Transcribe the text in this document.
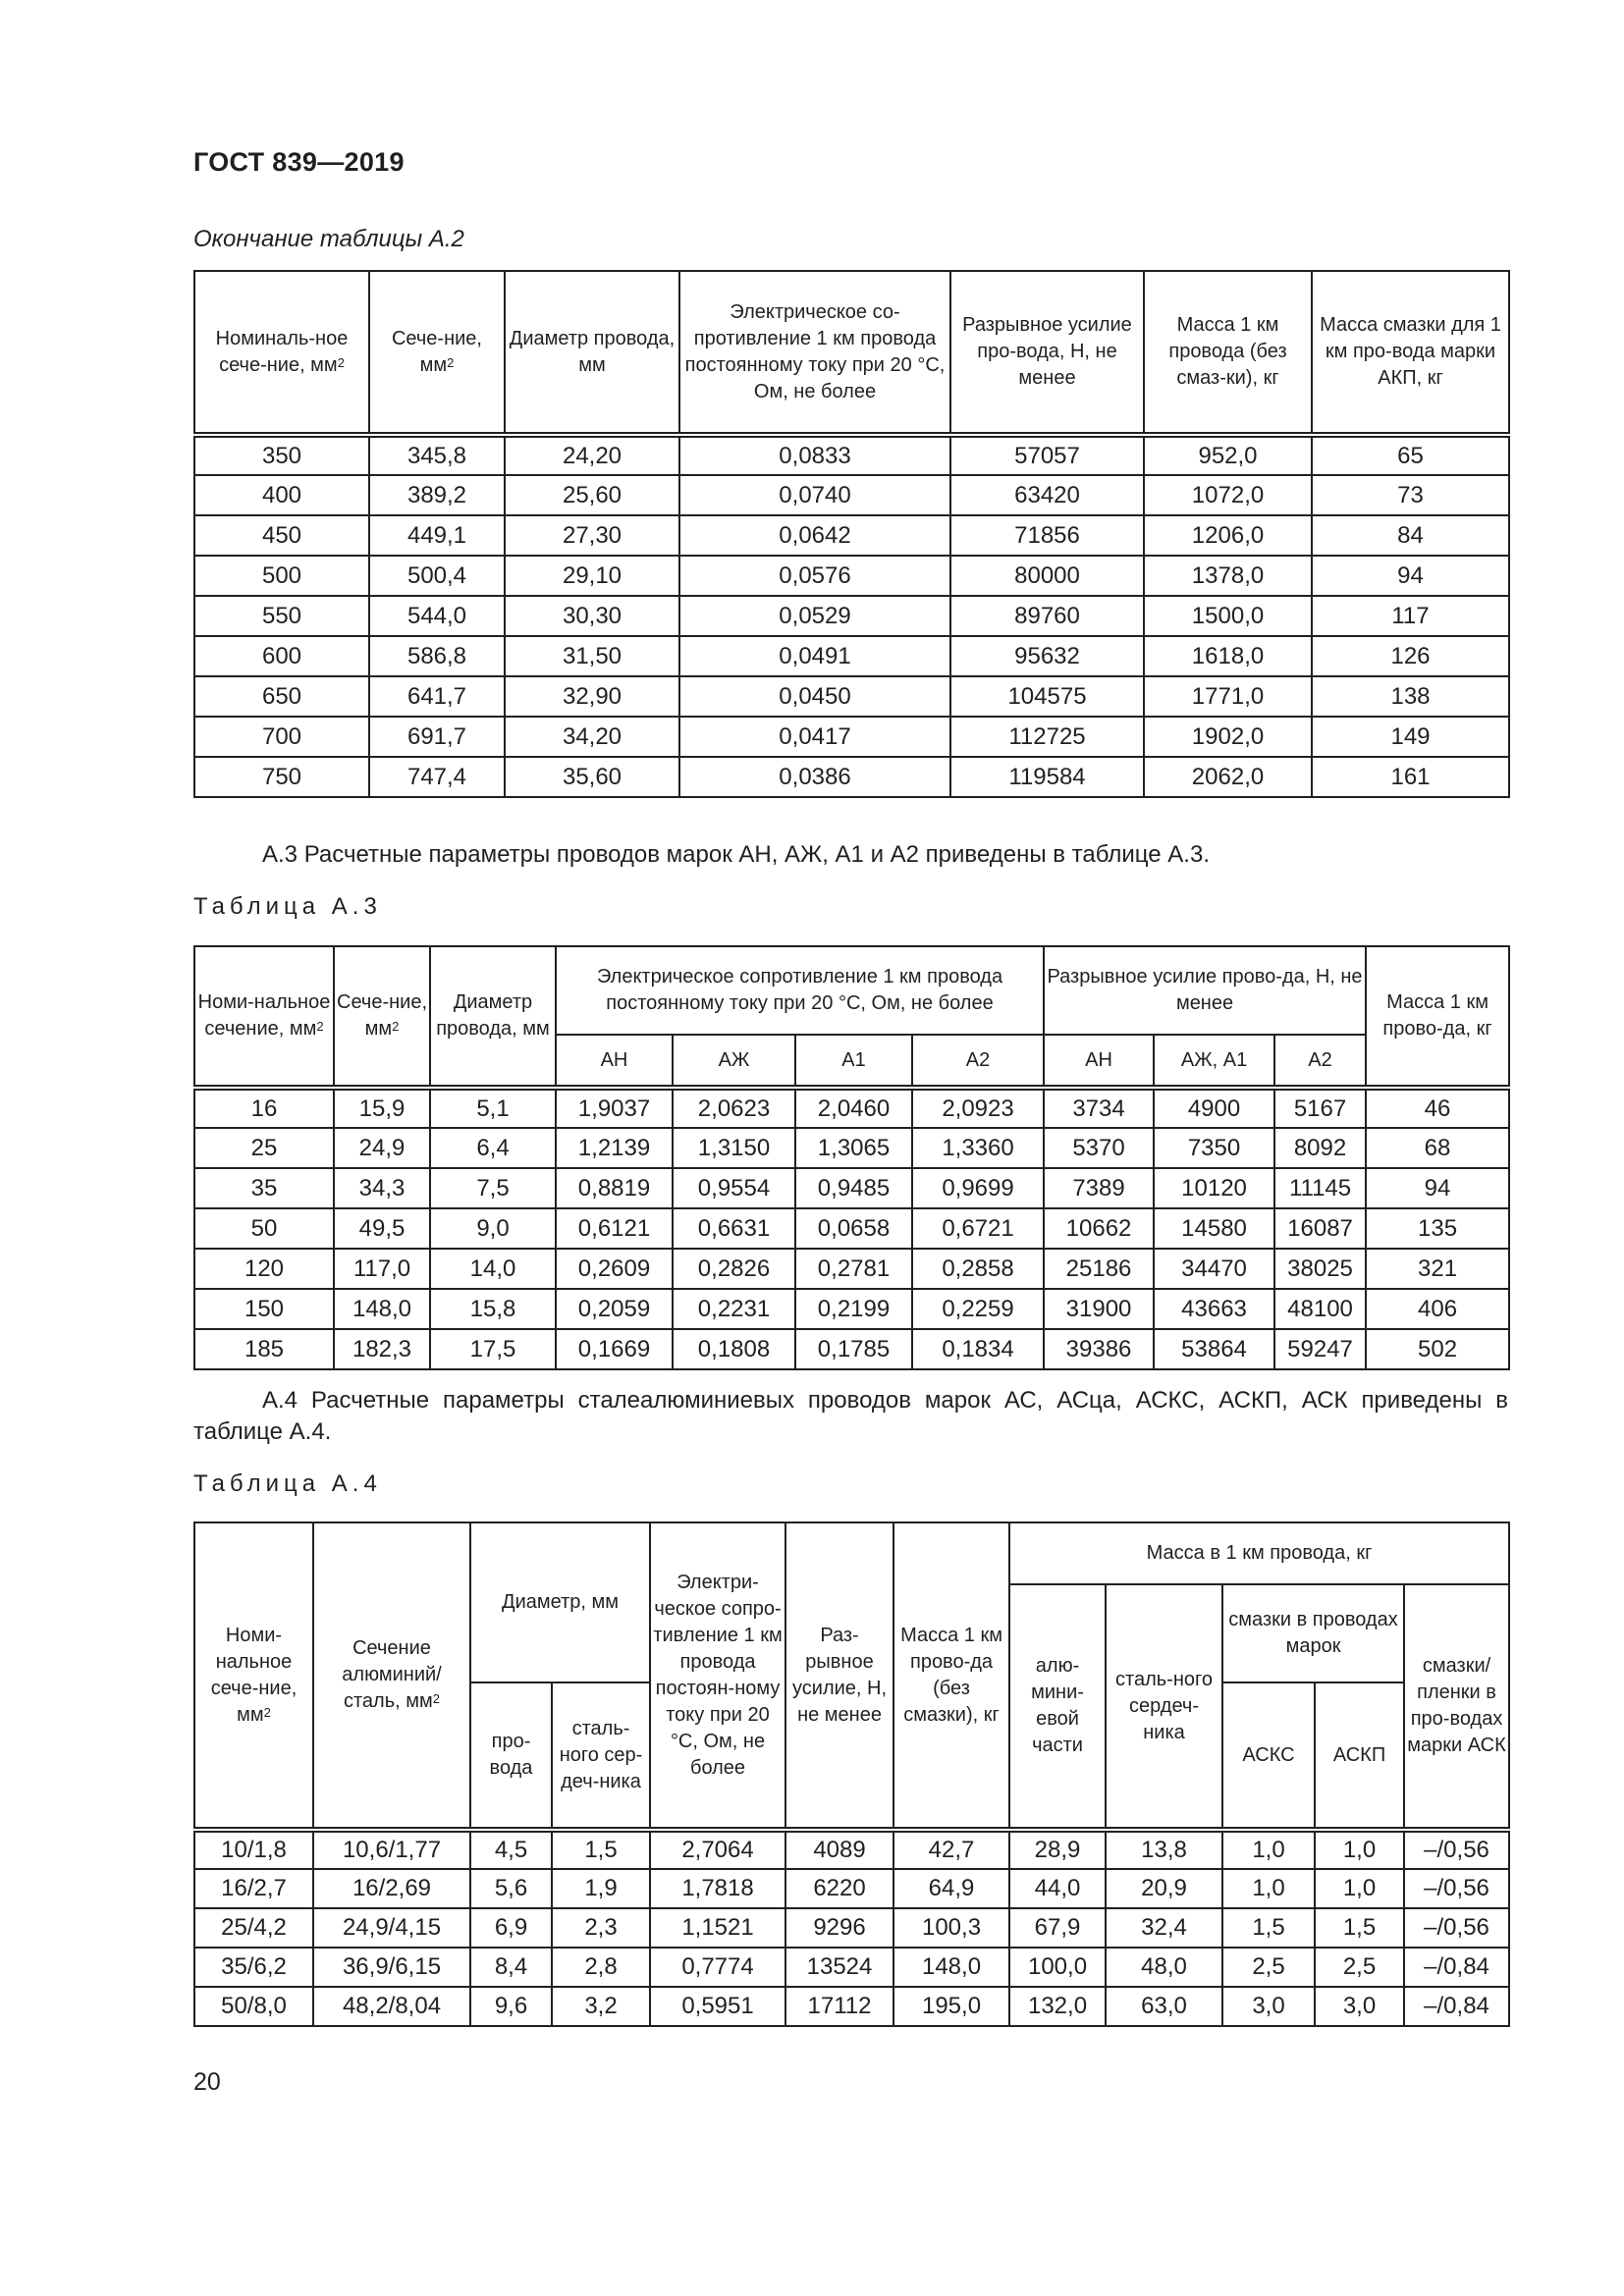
ГОСТ 839—2019
Окончание таблицы А.2
Номиналь-ное сече-ние, $мм^2$	Сече-ние, $мм^2$	Диаметр провода, мм	Электрическое со-противление 1 км провода постоянному току при 20 °С, Ом, не более	Разрывное усилие про-вода, Н, не менее	Масса 1 км провода (без смаз-ки), кг	Масса смазки для 1 км про-вода марки АКП, кг
350	345,8	24,20	0,0833	57057	952,0	65
400	389,2	25,60	0,0740	63420	1072,0	73
450	449,1	27,30	0,0642	71856	1206,0	84
500	500,4	29,10	0,0576	80000	1378,0	94
550	544,0	30,30	0,0529	89760	1500,0	117
600	586,8	31,50	0,0491	95632	1618,0	126
650	641,7	32,90	0,0450	104575	1771,0	138
700	691,7	34,20	0,0417	112725	1902,0	149
750	747,4	35,60	0,0386	119584	2062,0	161
А.3 Расчетные параметры проводов марок АН, АЖ, А1 и А2 приведены в таблице А.3.
Таблица А.3
Номи-нальное сечение, $мм^2$	Сече-ние, $мм^2$	Диаметр провода, мм	Электрическое сопротивление 1 км провода постоянному току при 20 °С, Ом, не более				Разрывное усилие прово-да, Н, не менее			Масса 1 км прово-да, кг
			АН	АЖ	А1	А2	АН	АЖ, А1	А2	
16	15,9	5,1	1,9037	2,0623	2,0460	2,0923	3734	4900	5167	46
25	24,9	6,4	1,2139	1,3150	1,3065	1,3360	5370	7350	8092	68
35	34,3	7,5	0,8819	0,9554	0,9485	0,9699	7389	10120	11145	94
50	49,5	9,0	0,6121	0,6631	0,0658	0,6721	10662	14580	16087	135
120	117,0	14,0	0,2609	0,2826	0,2781	0,2858	25186	34470	38025	321
150	148,0	15,8	0,2059	0,2231	0,2199	0,2259	31900	43663	48100	406
185	182,3	17,5	0,1669	0,1808	0,1785	0,1834	39386	53864	59247	502
А.4 Расчетные параметры сталеалюминиевых проводов марок АС, АСца, АСКС, АСКП, АСК приведены в таблице А.4.
Таблица А.4
Номи-нальное сече-ние, $мм^2$	Сечение алюминий/ сталь, $мм^2$	Диаметр, мм		Электри-ческое сопро-тивление 1 км провода постоян-ному току при 20 °С, Ом, не более	Раз-рывное усилие, Н, не менее	Масса 1 км прово-да (без смазки), кг	Масса в 1 км провода, кг				
							алю-мини-евой части	сталь-ного сердеч-ника	смазки в проводах марок		смазки/ пленки в про-водах марки АСК
		про-вода	сталь-ного сер-деч-ника						АСКС	АСКП	
10/1,8	10,6/1,77	4,5	1,5	2,7064	4089	42,7	28,9	13,8	1,0	1,0	–/0,56
16/2,7	16/2,69	5,6	1,9	1,7818	6220	64,9	44,0	20,9	1,0	1,0	–/0,56
25/4,2	24,9/4,15	6,9	2,3	1,1521	9296	100,3	67,9	32,4	1,5	1,5	–/0,56
35/6,2	36,9/6,15	8,4	2,8	0,7774	13524	148,0	100,0	48,0	2,5	2,5	–/0,84
50/8,0	48,2/8,04	9,6	3,2	0,5951	17112	195,0	132,0	63,0	3,0	3,0	–/0,84
20
